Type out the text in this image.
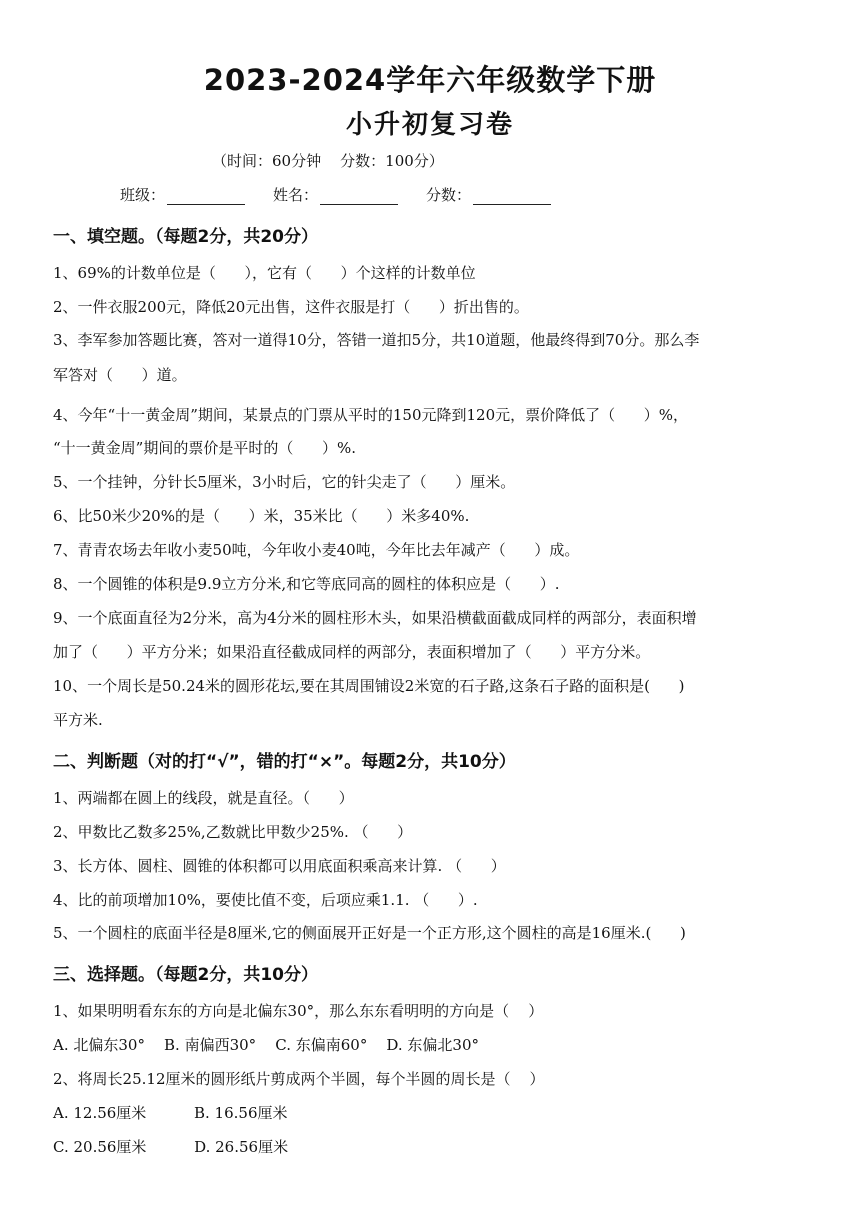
2023-2024学年六年级数学下册
小升初复习卷
（时间：60分钟    分数：100分）
班级：	姓名：	分数：
一、填空题。（每题2分，共20分）
1、69%的计数单位是（      ），它有（      ）个这样的计数单位
2、一件衣服200元，降低20元出售，这件衣服是打（      ）折出售的。
3、李军参加答题比赛，答对一道得10分，答错一道扣5分，共10道题，他最终得到70分。那么李
军答对（      ）道。
4、今年“十一黄金周”期间，某景点的门票从平时的150元降到120元，票价降低了（      ）%，
“十一黄金周”期间的票价是平时的（      ）%.
5、一个挂钟，分针长5厘米，3小时后，它的针尖走了（      ）厘米。
6、比50米少20%的是（      ）米，35米比（      ）米多40%.
7、青青农场去年收小麦50吨，今年收小麦40吨，今年比去年减产（      ）成。
8、一个圆锥的体积是9.9立方分米,和它等底同高的圆柱的体积应是（      ）.
9、一个底面直径为2分米，高为4分米的圆柱形木头，如果沿横截面截成同样的两部分，表面积增
加了（      ）平方分米；如果沿直径截成同样的两部分，表面积增加了（      ）平方分米。
10、一个周长是50.24米的圆形花坛,要在其周围铺设2米宽的石子路,这条石子路的面积是(      )
平方米.
二、判断题（对的打“√”，错的打“×”。每题2分，共10分）
1、两端都在圆上的线段，就是直径。（      ）
2、甲数比乙数多25%,乙数就比甲数少25%. （      ）
3、长方体、圆柱、圆锥的体积都可以用底面积乘高来计算. （      ）
4、比的前项增加10%，要使比值不变，后项应乘1.1. （      ）.
5、一个圆柱的底面半径是8厘米,它的侧面展开正好是一个正方形,这个圆柱的高是16厘米.(      )
三、选择题。（每题2分，共10分）
1、如果明明看东东的方向是北偏东30°，那么东东看明明的方向是（    ）
A. 北偏东30°    B. 南偏西30°    C. 东偏南60°    D. 东偏北30°
2、将周长25.12厘米的圆形纸片剪成两个半圆，每个半圆的周长是（    ）
A. 12.56厘米          B. 16.56厘米
C. 20.56厘米          D. 26.56厘米
